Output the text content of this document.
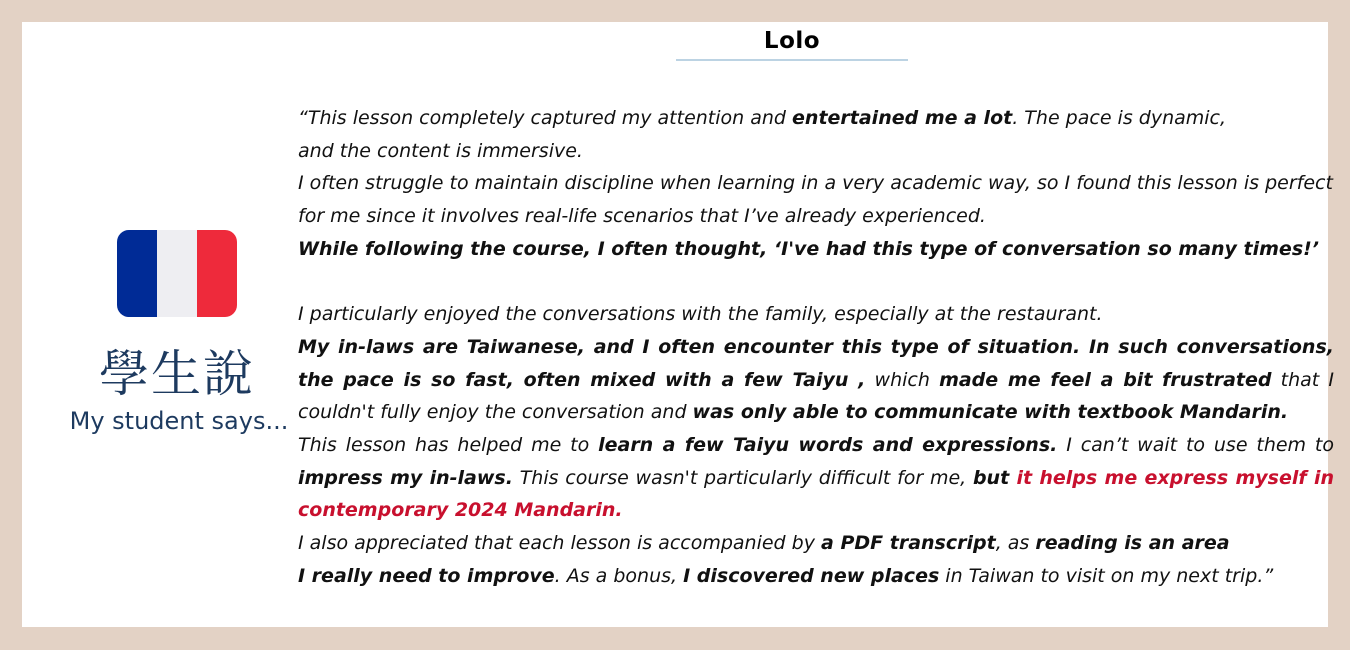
Lolo
學生說
My student says...

“This lesson completely captured my attention and entertained me a lot. The pace is dynamic,
and the content is immersive.

I often struggle to maintain discipline when learning in a very academic way, so I found this lesson is perfect for me since it involves real-life scenarios that I’ve already experienced.

While following the course, I often thought, ‘I've had this type of conversation so many times!’

I particularly enjoyed the conversations with the family, especially at the restaurant.

My in-laws are Taiwanese, and I often encounter this type of situation. In such conversations, the pace is so fast, often mixed with a few Taiyu , which made me feel a bit frustrated that I couldn't fully enjoy the conversation and was only able to communicate with textbook Mandarin.

This lesson has helped me to learn a few Taiyu words and expressions. I can’t wait to use them to impress my in-laws. This course wasn't particularly difficult for me, but it helps me express myself in contemporary 2024 Mandarin.

I also appreciated that each lesson is accompanied by a PDF transcript, as reading is an area
I really need to improve. As a bonus, I discovered new places in Taiwan to visit on my next trip.”
